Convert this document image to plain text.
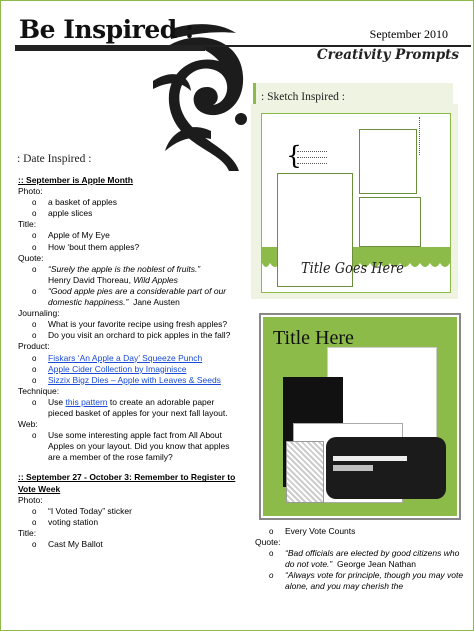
Be Inspired :	September 2010
Creativity Prompts
: Sketch Inspired :
{
Title Goes Here
Title Here
: Date Inspired :
:: September is Apple Month
Photo:
o a basket of apples
o apple slices
Title:
o Apple of My Eye
o How ‘bout them apples?
Quote:
o “Surely the apple is the noblest of fruits.”
Henry David Thoreau, Wild Apples
o “Good apple pies are a considerable part of our domestic happiness.” Jane Austen
Journaling:
o What is your favorite recipe using fresh apples?
o Do you visit an orchard to pick apples in the fall?
Product:
o Fiskars ‘An Apple a Day’ Squeeze Punch
o Apple Cider Collection by Imaginisce
o Sizzix Bigz Dies – Apple with Leaves & Seeds
Technique:
o Use this pattern to create an adorable paper pieced basket of apples for your next fall layout.
Web:
o Use some interesting apple fact from All About Apples on your layout. Did you know that apples are a member of the rose family?
:: September 27 - October 3: Remember to Register to Vote Week
Photo:
o “I Voted Today” sticker
o voting station
Title:
o Cast My Ballot
o Every Vote Counts
Quote:
o “Bad officials are elected by good citizens who do not vote.” George Jean Nathan
o “Always vote for principle, though you may vote alone, and you may cherish the
